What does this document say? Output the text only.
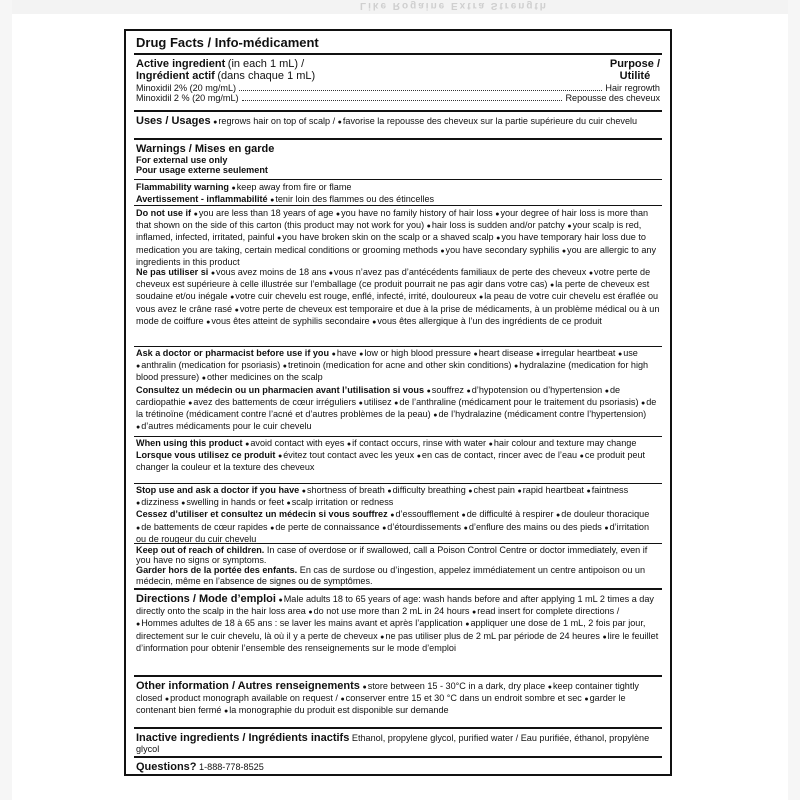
Like Rogaine Extra Strength
Drug Facts / Info-médicament

Active ingredient (in each 1 mL) /

Ingrédient actif (dans chaque 1 mL)

Purpose /

Utilité

Minoxidil 2% (20 mg/mL)	Hair regrowth
Minoxidil 2 % (20 mg/mL)	Repousse des cheveux

Uses / Usages ● regrows hair on top of scalp / ● favorise la repousse des cheveux sur la partie supérieure du cuir chevelu

Warnings / Mises en garde

For external use only

Pour usage externe seulement

Flammability warning ● keep away from fire or flame

Avertissement - inflammabilité ● tenir loin des flammes ou des étincelles

Do not use if ● you are less than 18 years of age ● you have no family history of hair loss ● your degree of hair loss is more than that shown on the side of this carton (this product may not work for you) ● hair loss is sudden and/or patchy ● your scalp is red, inflamed, infected, irritated, painful ● you have broken skin on the scalp or a shaved scalp ● you have temporary hair loss due to medication you are taking, certain medical conditions or grooming methods ● you have secondary syphilis ● you are allergic to any ingredients in this product

Ne pas utiliser si ● vous avez moins de 18 ans ● vous n’avez pas d’antécédents familiaux de perte des cheveux ● votre perte de cheveux est supérieure à celle illustrée sur l’emballage (ce produit pourrait ne pas agir dans votre cas) ● la perte de cheveux est soudaine et/ou inégale ● votre cuir chevelu est rouge, enflé, infecté, irrité, douloureux ● la peau de votre cuir chevelu est éraflée ou vous avez le crâne rasé ● votre perte de cheveux est temporaire et due à la prise de médicaments, à un problème médical ou à un mode de coiffure ● vous êtes atteint de syphilis secondaire ● vous êtes allergique à l’un des ingrédients de ce produit

Ask a doctor or pharmacist before use if you ● have ● low or high blood pressure ● heart disease ● irregular heartbeat ● use ● anthralin (medication for psoriasis) ● tretinoin (medication for acne and other skin conditions) ● hydralazine (medication for high blood pressure) ● other medicines on the scalp

Consultez un médecin ou un pharmacien avant l’utilisation si vous ● souffrez ● d’hypotension ou d’hypertension ● de cardiopathie ● avez des battements de cœur irréguliers ● utilisez ● de l’anthraline (médicament pour le traitement du psoriasis) ● de la trétinoïne (médicament contre l’acné et d’autres problèmes de la peau) ● de l’hydralazine (médicament contre l’hypertension) ● d’autres médicaments pour le cuir chevelu

When using this product ● avoid contact with eyes ● if contact occurs, rinse with water ● hair colour and texture may change

Lorsque vous utilisez ce produit ● évitez tout contact avec les yeux ● en cas de contact, rincer avec de l’eau ● ce produit peut changer la couleur et la texture des cheveux

Stop use and ask a doctor if you have ● shortness of breath ● difficulty breathing ● chest pain ● rapid heartbeat ● faintness ● dizziness ● swelling in hands or feet ● scalp irritation or redness

Cessez d’utiliser et consultez un médecin si vous souffrez ● d’essoufflement ● de difficulté à respirer ● de douleur thoracique ● de battements de cœur rapides ● de perte de connaissance ● d’étourdissements ● d’enflure des mains ou des pieds ● d’irritation ou de rougeur du cuir chevelu

Keep out of reach of children. In case of overdose or if swallowed, call a Poison Control Centre or doctor immediately, even if you have no signs or symptoms.

Garder hors de la portée des enfants. En cas de surdose ou d’ingestion, appelez immédiatement un centre antipoison ou un médecin, même en l’absence de signes ou de symptômes.

Directions / Mode d’emploi ● Male adults 18 to 65 years of age: wash hands before and after applying 1 mL 2 times a day directly onto the scalp in the hair loss area ● do not use more than 2 mL in 24 hours ● read insert for complete directions /

● Hommes adultes de 18 à 65 ans : se laver les mains avant et après l’application ● appliquer une dose de 1 mL, 2 fois par jour, directement sur le cuir chevelu, là où il y a perte de cheveux ● ne pas utiliser plus de 2 mL par période de 24 heures ● lire le feuillet d’information pour obtenir l’ensemble des renseignements sur le mode d’emploi

Other information / Autres renseignements ● store between 15 - 30°C in a dark, dry place ● keep container tightly closed ● product monograph available on request / ● conserver entre 15 et 30 °C dans un endroit sombre et sec ● garder le contenant bien fermé ● la monographie du produit est disponible sur demande

Inactive ingredients / Ingrédients inactifs Ethanol, propylene glycol, purified water / Eau purifiée, éthanol, propylène glycol

Questions? 1-888-778-8525
